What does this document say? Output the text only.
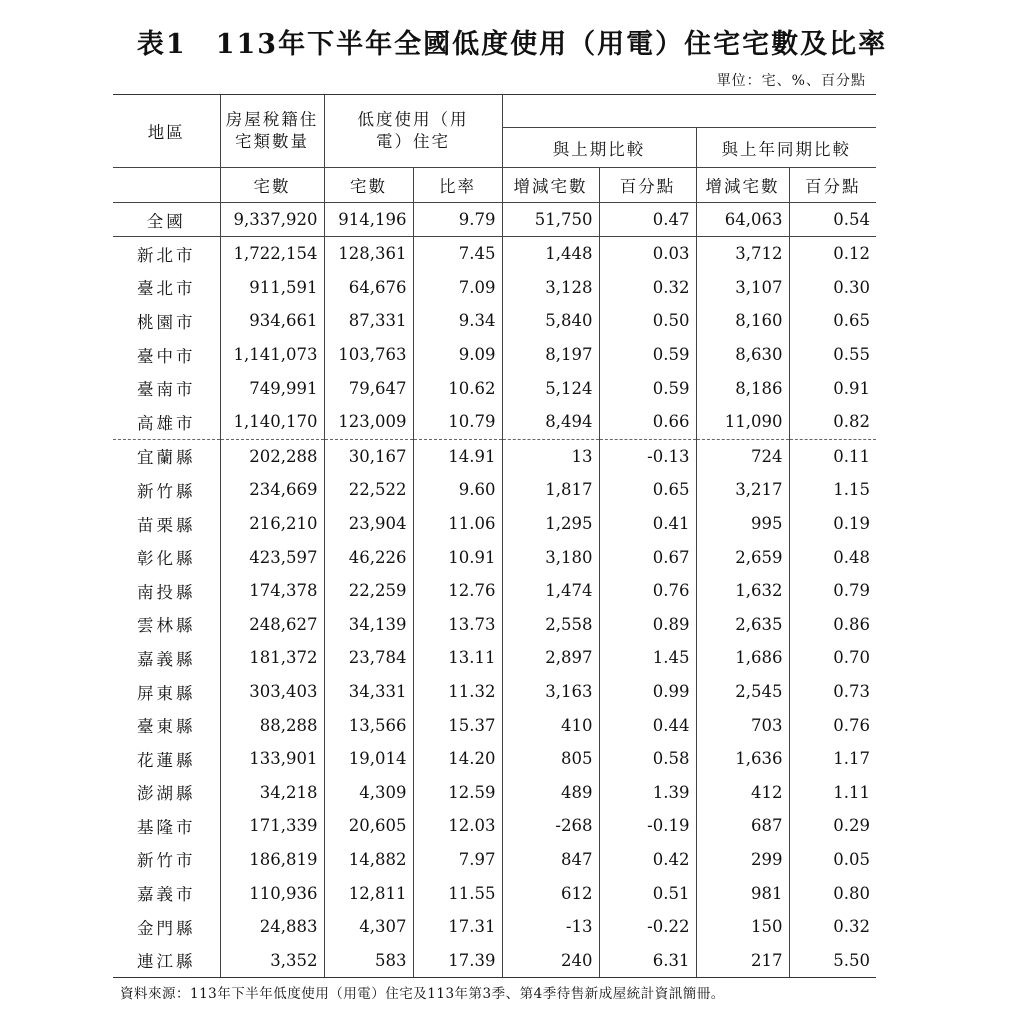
表1　113年下半年全國低度使用（用電）住宅宅數及比率
單位：宅、%、百分點
地區	房屋稅籍住宅類數量	低度使用（用電）住宅					

				與上期比較		與上年同期比較	
	宅數	宅數	比率	增減宅數	百分點	增減宅數	百分點
全國	9,337,920	914,196	9.79	51,750	0.47	64,063	0.54
新北市	1,722,154	128,361	7.45	1,448	0.03	3,712	0.12
臺北市	911,591	64,676	7.09	3,128	0.32	3,107	0.30
桃園市	934,661	87,331	9.34	5,840	0.50	8,160	0.65
臺中市	1,141,073	103,763	9.09	8,197	0.59	8,630	0.55
臺南市	749,991	79,647	10.62	5,124	0.59	8,186	0.91
高雄市	1,140,170	123,009	10.79	8,494	0.66	11,090	0.82
宜蘭縣	202,288	30,167	14.91	13	-0.13	724	0.11
新竹縣	234,669	22,522	9.60	1,817	0.65	3,217	1.15
苗栗縣	216,210	23,904	11.06	1,295	0.41	995	0.19
彰化縣	423,597	46,226	10.91	3,180	0.67	2,659	0.48
南投縣	174,378	22,259	12.76	1,474	0.76	1,632	0.79
雲林縣	248,627	34,139	13.73	2,558	0.89	2,635	0.86
嘉義縣	181,372	23,784	13.11	2,897	1.45	1,686	0.70
屏東縣	303,403	34,331	11.32	3,163	0.99	2,545	0.73
臺東縣	88,288	13,566	15.37	410	0.44	703	0.76
花蓮縣	133,901	19,014	14.20	805	0.58	1,636	1.17
澎湖縣	34,218	4,309	12.59	489	1.39	412	1.11
基隆市	171,339	20,605	12.03	-268	-0.19	687	0.29
新竹市	186,819	14,882	7.97	847	0.42	299	0.05
嘉義市	110,936	12,811	11.55	612	0.51	981	0.80
金門縣	24,883	4,307	17.31	-13	-0.22	150	0.32
連江縣	3,352	583	17.39	240	6.31	217	5.50
資料來源：113年下半年低度使用（用電）住宅及113年第3季、第4季待售新成屋統計資訊簡冊。
